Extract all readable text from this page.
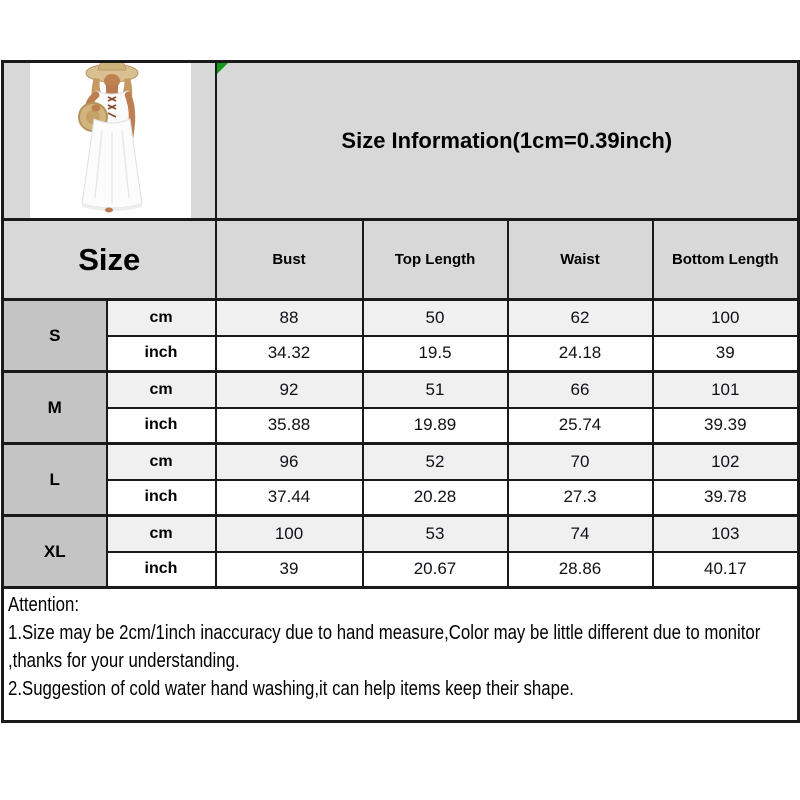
Size Information(1cm=0.39inch)			
Size		Bust	Top Length	Waist	Bottom Length
S	cm	88	50	62	100
	inch	34.32	19.5	24.18	39
M	cm	92	51	66	101
	inch	35.88	19.89	25.74	39.39
L	cm	96	52	70	102
	inch	37.44	20.28	27.3	39.78
XL	cm	100	53	74	103
	inch	39	20.67	28.86	40.17

Attention:
1.Size may be 2cm/1inch inaccuracy due to hand measure,Color may be little different due to monitor
,thanks for your understanding.
2.Suggestion of cold water hand washing,it can help items keep their shape.					
